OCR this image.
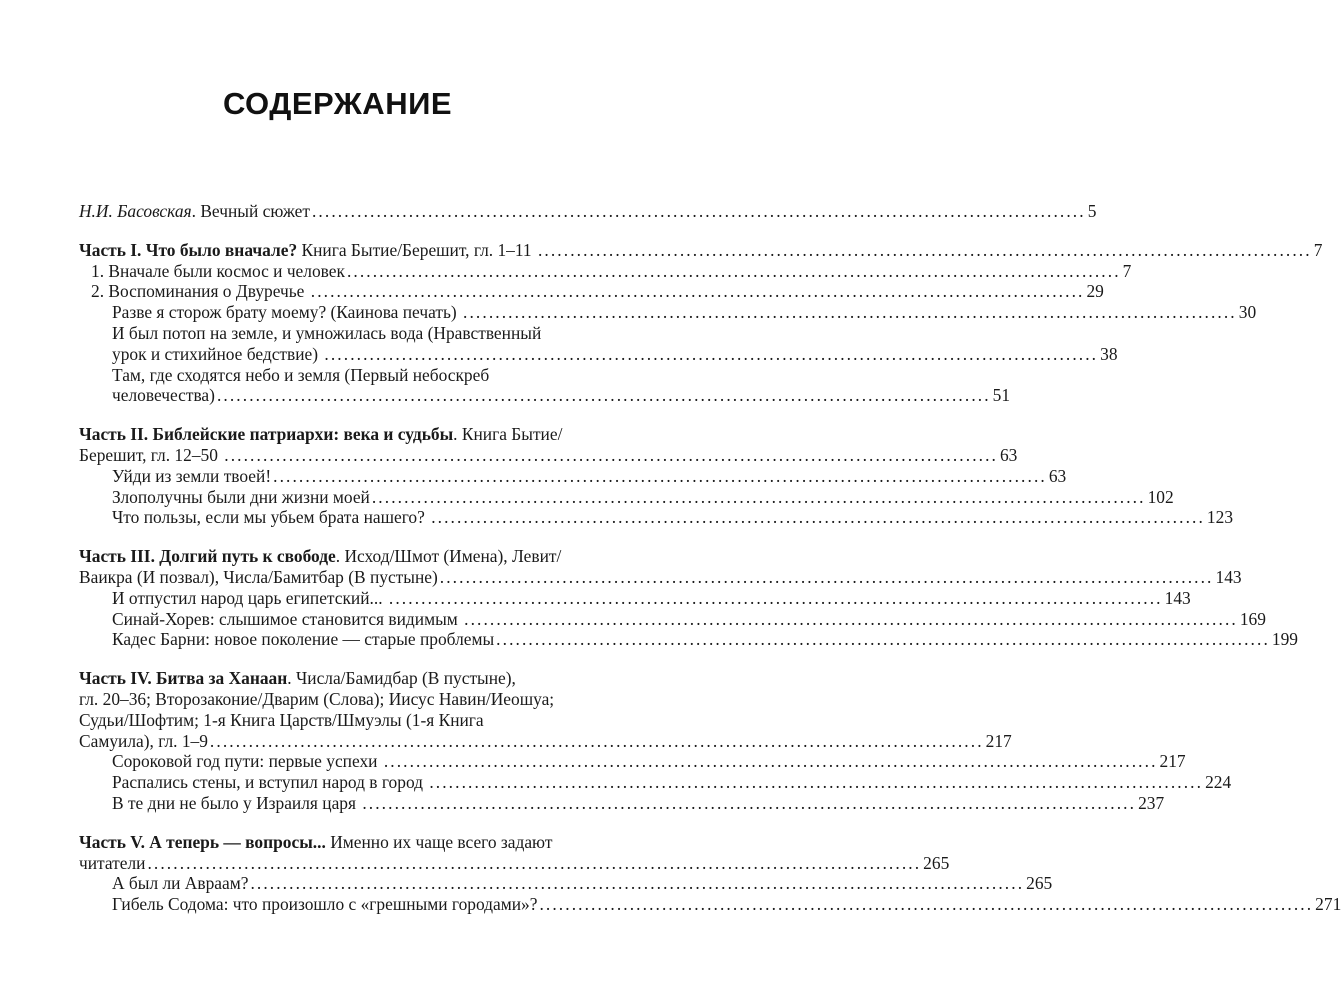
СОДЕРЖАНИЕ
Н.И. Басовская . Вечный сюжет ........................................................................................................................ 5
Часть I. Что было вначале? Книга Бытие/Берешит, гл. 1–11 ........................................................................................................................ 7
1. Вначале были космос и человек ........................................................................................................................ 7
2. Воспоминания о Двуречье ........................................................................................................................ 29
Разве я сторож брату моему? (Каинова печать) ........................................................................................................................ 30
И был потоп на земле, и умножилась вода (Нравственный
урок и стихийное бедствие) ........................................................................................................................ 38
Там, где сходятся небо и земля (Первый небоскреб
человечества) ........................................................................................................................ 51
Часть II. Библейские патриархи: века и судьбы . Книга Бытие/
Берешит, гл. 12–50 ........................................................................................................................ 63
Уйди из земли твоей! ........................................................................................................................ 63
Злополучны были дни жизни моей ........................................................................................................................ 102
Что пользы, если мы убьем брата нашего? ........................................................................................................................ 123
Часть III. Долгий путь к свободе . Исход/Шмот (Имена), Левит/
Ваикра (И позвал), Числа/Бамитбар (В пустыне) ........................................................................................................................ 143
И отпустил народ царь египетский... ........................................................................................................................ 143
Синай-Хорев: слышимое становится видимым ........................................................................................................................ 169
Кадес Барни: новое поколение — старые проблемы ........................................................................................................................ 199
Часть IV. Битва за Ханаан . Числа/Бамидбар (В пустыне),
гл. 20–36; Второзаконие/Дварим (Слова); Иисус Навин/Иеошуа;
Судьи/Шофтим; 1-я Книга Царств/Шмуэлы (1-я Книга
Самуила), гл. 1–9 ........................................................................................................................ 217
Сороковой год пути: первые успехи ........................................................................................................................ 217
Распались стены, и вступил народ в город ........................................................................................................................ 224
В те дни не было у Израиля царя ........................................................................................................................ 237
Часть V. А теперь — вопросы... Именно их чаще всего задают
читатели ........................................................................................................................ 265
А был ли Авраам? ........................................................................................................................ 265
Гибель Содома: что произошло с «грешными городами»? ........................................................................................................................ 271
